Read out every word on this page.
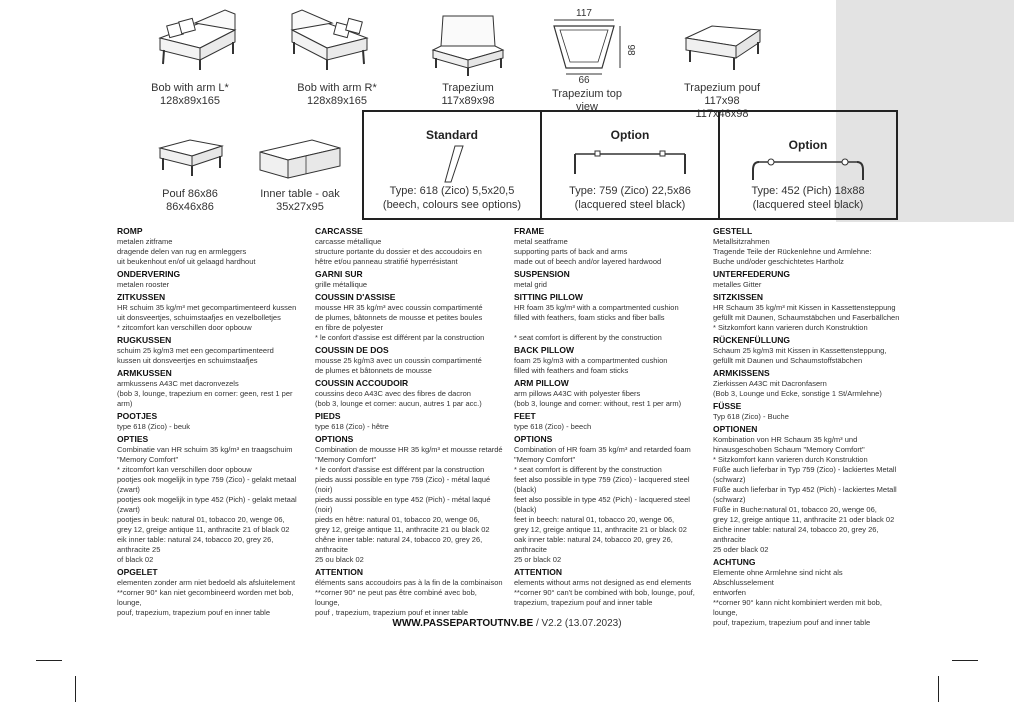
Bob with arm L*
128x89x165
Bob with arm R*
128x89x165
Trapezium
117x89x98
117
98
66
Trapezium top view
Trapezium pouf 117x98
117x46x98
Pouf 86x86
86x46x86
Inner table - oak
35x27x95
Standard
Type: 618 (Zico) 5,5x20,5
(beech, colours see options)
Option
Type: 759 (Zico) 22,5x86
(lacquered steel black)
Option
Type: 452 (Pich) 18x88
(lacquered steel black)
ROMP

metalen zitframe
dragende delen van rug en armleggers
uit beukenhout en/of uit gelaagd hardhout

ONDERVERING

metalen rooster

ZITKUSSEN

HR schuim 35 kg/m³ met gecompartimenteerd kussen
uit donsveertjes, schuimstaafjes en vezelbolletjes
* zitcomfort kan verschillen door opbouw

RUGKUSSEN

schuim 25 kg/m3 met een gecompartimenteerd
kussen uit donsveertjes en schuimstaafjes

ARMKUSSEN

armkussens A43C met dacronvezels
(bob 3, lounge, trapezium en corner: geen, rest 1 per arm)

POOTJES

type 618 (Zico) - beuk

OPTIES

Combinatie van HR schuim 35 kg/m³ en traagschuim "Memory Comfort"
* zitcomfort kan verschillen door opbouw
pootjes ook mogelijk in type 759 (Zico) - gelakt metaal (zwart)
pootjes ook mogelijk in type 452 (Pich) - gelakt metaal (zwart)
pootjes in beuk: natural 01, tobacco 20, wenge 06,
grey 12, greige antique 11, anthracite 21 of black 02
eik inner table: natural 24, tobacco 20, grey 26, anthracite 25
of black 02

OPGELET

elementen zonder arm niet bedoeld als afsluitelement
**corner 90° kan niet gecombineerd worden met bob, lounge,
pouf, trapezium, trapezium pouf en inner table

CARCASSE

carcasse métallique
structure portante du dossier et des accoudoirs en
hêtre et/ou panneau stratifié hyperrésistant

GARNI SUR

grille métallique

COUSSIN D'ASSISE

mousse HR 35 kg/m³ avec coussin compartimenté
de plumes, bâtonnets de mousse et petites boules
en fibre de polyester
* le confort d'assise est différent par la construction

COUSSIN DE DOS

mousse 25 kg/m3 avec un coussin compartimenté
de plumes et bâtonnets de mousse

COUSSIN ACCOUDOIR

coussins deco A43C avec des fibres de dacron
(bob 3, lounge et corner: aucun, autres 1 par acc.)

PIEDS

type 618 (Zico) - hêtre

OPTIONS

Combination de mousse HR 35 kg/m³ et mousse retardé "Memory Comfort"
* le confort d'assise est différent par la construction
pieds aussi possible en type 759 (Zico) - métal laqué (noir)
pieds aussi possible en type 452 (Pich) - métal laqué (noir)
pieds en hêtre: natural 01, tobacco 20, wenge 06,
grey 12, greige antique 11, anthracite 21 ou black 02
chêne inner table: natural 24, tobacco 20, grey 26, anthracite
25 ou black 02

ATTENTION

éléments sans accoudoirs pas à la fin de la combinaison
**corner 90° ne peut pas être combiné avec bob, lounge,
pouf , trapezium, trapezium pouf et inner table

FRAME

metal seatframe
supporting parts of back and arms
made out of beech and/or layered hardwood

SUSPENSION

metal grid

SITTING PILLOW

HR foam 35 kg/m³ with a compartmented cushion
filled with feathers, foam sticks and fiber balls

* seat comfort is different by the construction

BACK PILLOW

foam 25 kg/m3 with a compartmented cushion
filled with feathers and foam sticks

ARM PILLOW

arm pillows A43C with polyester fibers
(bob 3, lounge and corner: without, rest 1 per arm)

FEET

type 618 (Zico) - beech

OPTIONS

Combination of HR foam 35 kg/m³ and retarded foam "Memory Comfort"
* seat comfort is different by the construction
feet also possible in type 759 (Zico) - lacquered steel (black)
feet also possible in type 452 (Pich) - lacquered steel (black)
feet in beech: natural 01, tobacco 20, wenge 06,
grey 12, greige antique 11, anthracite 21 or black 02
oak inner table: natural 24, tobacco 20, grey 26, anthracite
25 or black 02

ATTENTION

elements without arms not designed as end elements
**corner 90° can't be combined with bob, lounge, pouf,
trapezium, trapezium pouf and inner table

GESTELL

Metallsitzrahmen
Tragende Teile der Rückenlehne und Armlehne:
Buche und/oder geschichtetes Hartholz

UNTERFEDERUNG

metalles Gitter

SITZKISSEN

HR Schaum 35 kg/m³ mit Kissen in Kassettensteppung
gefüllt mit Daunen, Schaumstäbchen und Faserbällchen
* Sitzkomfort kann varieren durch Konstruktion

RÜCKENFÜLLUNG

Schaum 25 kg/m3 mit Kissen in Kassettensteppung,
gefüllt mit Daunen und Schaumstoffstäbchen

ARMKISSENS

Zierkissen A43C mit Dacronfasern
(Bob 3, Lounge und Ecke, sonstige 1 St/Armlehne)

FÜSSE

Typ 618 (Zico) - Buche

OPTIONEN

Kombination von HR Schaum 35 kg/m³ und hinausgeschoben Schaum "Memory Comfort"
* Sitzkomfort kann varieren durch Konstruktion
Füße auch lieferbar in Typ 759 (Zico) - lackiertes Metall (schwarz)
Füße auch lieferbar in Typ 452 (Pich) - lackiertes Metall (schwarz)
Füße in Buche:natural 01, tobacco 20, wenge 06,
grey 12, greige antique 11, anthracite 21 oder black 02
Eiche inner table: natural 24, tobacco 20, grey 26, anthracite
25 oder black 02

ACHTUNG

Elemente ohne Armlehne sind nicht als Abschlusselement
entworfen
**corner 90° kann nicht kombiniert werden mit bob, lounge,
pouf, trapezium, trapezium pouf and inner table

WWW.PASSEPARTOUTNV.BE / V2.2 (13.07.2023)
